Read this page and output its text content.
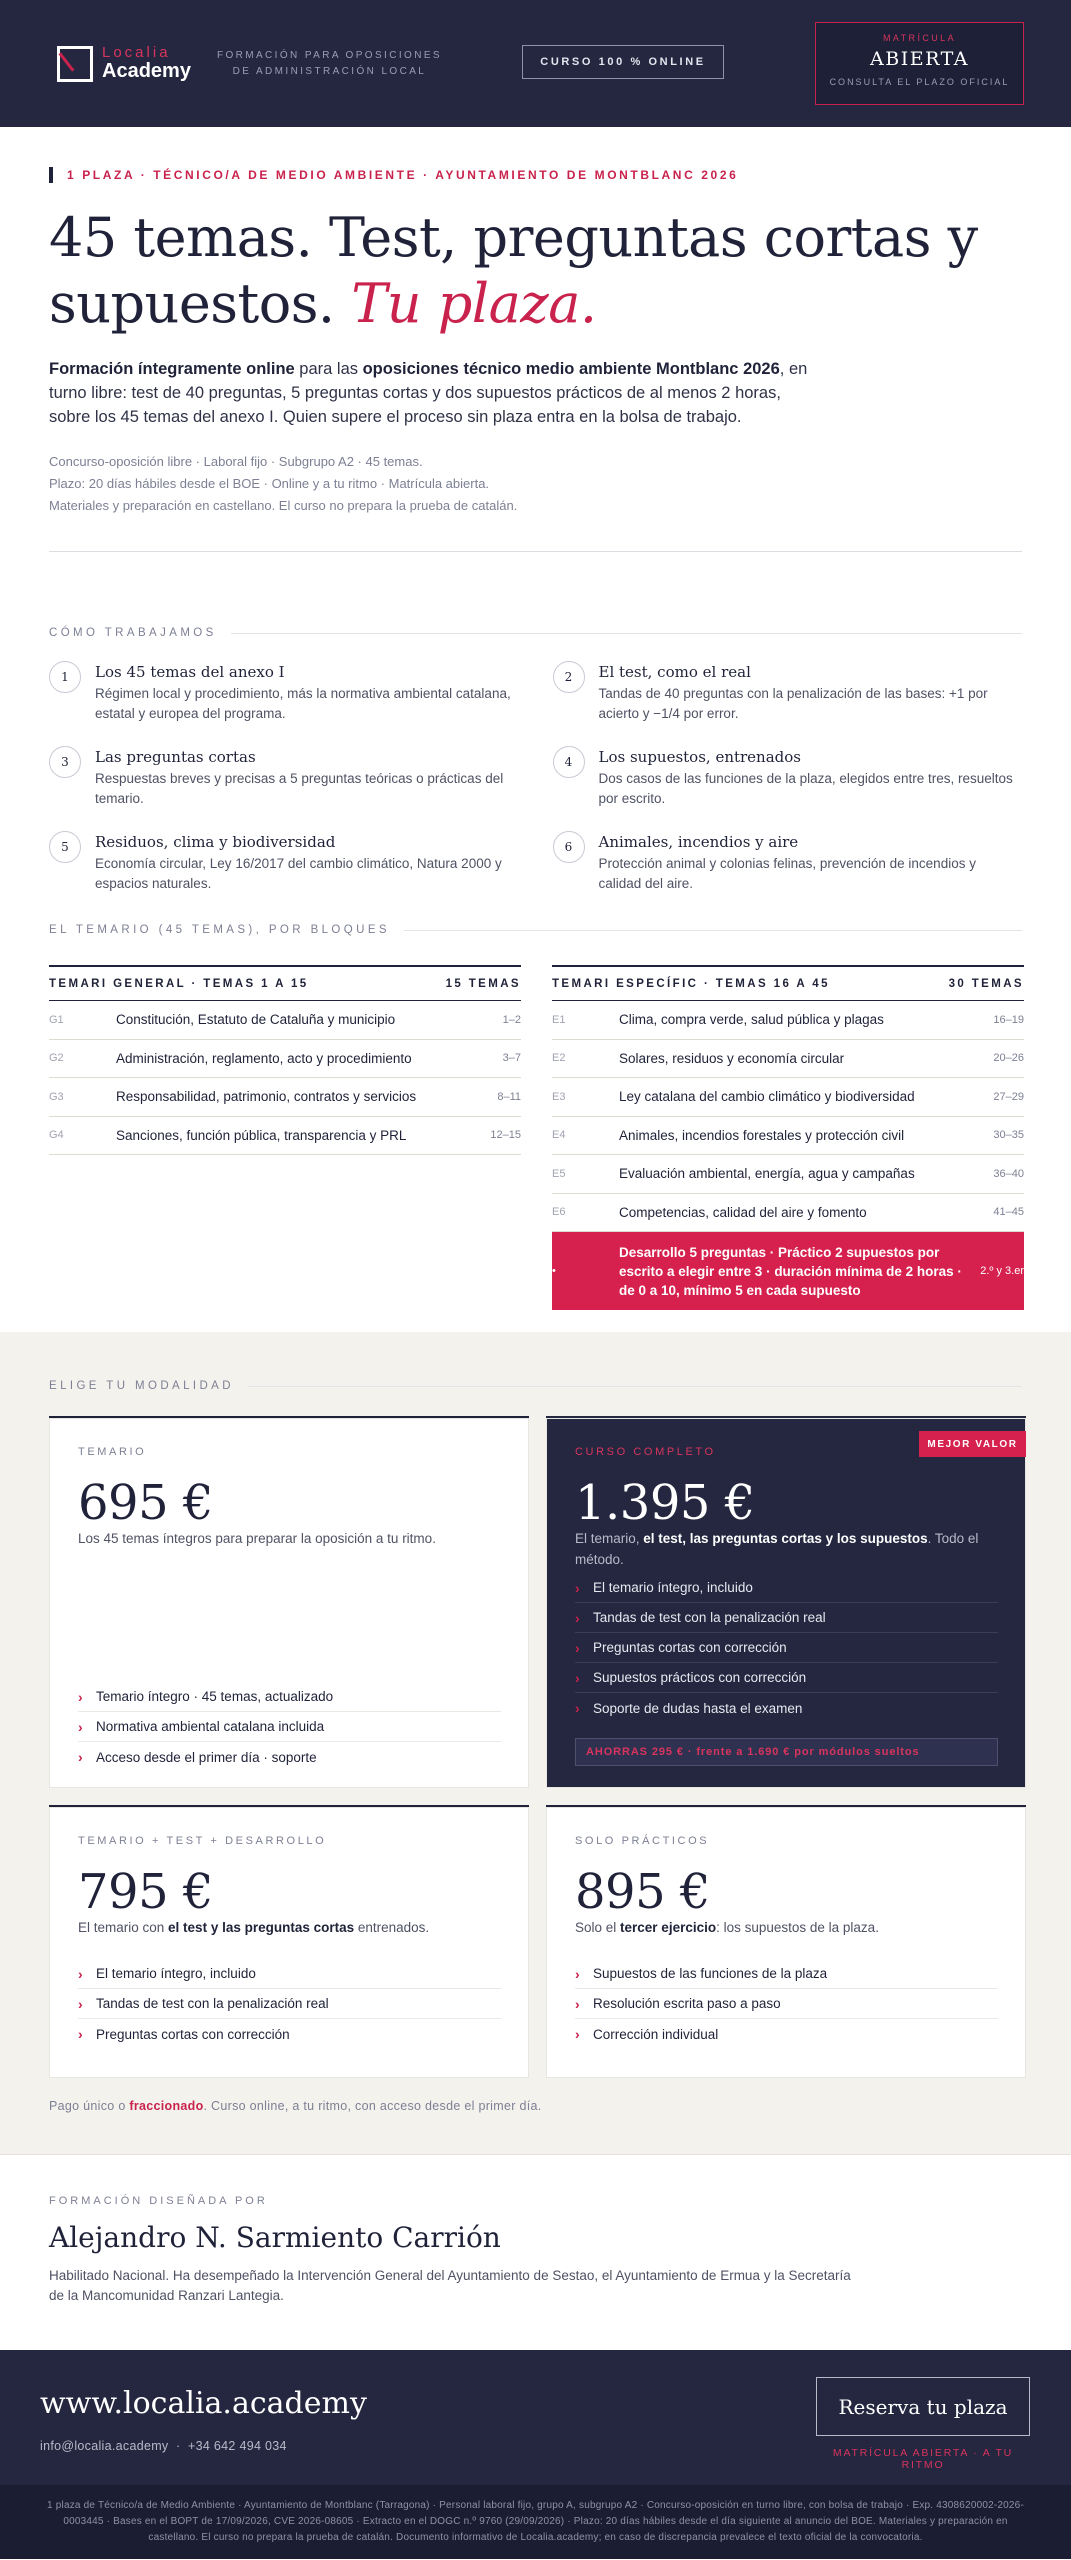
Localia
Academy
FORMACIÓN PARA OPOSICIONES
DE ADMINISTRACIÓN LOCAL
CURSO 100 % ONLINE
MATRÍCULA
ABIERTA
CONSULTA EL PLAZO OFICIAL
1 PLAZA · TÉCNICO/A DE MEDIO AMBIENTE · AYUNTAMIENTO DE MONTBLANC 2026
45 temas. Test, preguntas cortas y
supuestos. Tu plaza.

Formación íntegramente online para las oposiciones técnico medio ambiente Montblanc 2026, en turno libre: test de 40 preguntas, 5 preguntas cortas y dos supuestos prácticos de al menos 2 horas, sobre los 45 temas del anexo I. Quien supere el proceso sin plaza entra en la bolsa de trabajo.

Concurso-oposición libre · Laboral fijo · Subgrupo A2 · 45 temas.
Plazo: 20 días hábiles desde el BOE · Online y a tu ritmo · Matrícula abierta.
Materiales y preparación en castellano. El curso no prepara la prueba de catalán.
CÓMO TRABAJAMOS
1	Los 45 temas del anexo I

Régimen local y procedimiento, más la normativa ambiental catalana, estatal y europea del programa.

2	El test, como el real

Tandas de 40 preguntas con la penalización de las bases: +1 por acierto y −1/4 por error.

3	Las preguntas cortas

Respuestas breves y precisas a 5 preguntas teóricas o prácticas del temario.

4	Los supuestos, entrenados

Dos casos de las funciones de la plaza, elegidos entre tres, resueltos por escrito.

5	Residuos, clima y biodiversidad

Economía circular, Ley 16/2017 del cambio climático, Natura 2000 y espacios naturales.

6	Animales, incendios y aire

Protección animal y colonias felinas, prevención de incendios y calidad del aire.

EL TEMARIO (45 TEMAS), POR BLOQUES
TEMARI GENERAL · TEMAS 1 A 15	15 TEMAS
G1	Constitución, Estatuto de Cataluña y municipio	1–2
G2	Administración, reglamento, acto y procedimiento	3–7
G3	Responsabilidad, patrimonio, contratos y servicios	8–11
G4	Sanciones, función pública, transparencia y PRL	12–15
TEMARI ESPECÍFIC · TEMAS 16 A 45	30 TEMAS
E1	Clima, compra verde, salud pública y plagas	16–19
E2	Solares, residuos y economía circular	20–26
E3	Ley catalana del cambio climático y biodiversidad	27–29
E4	Animales, incendios forestales y protección civil	30–35
E5	Evaluación ambiental, energía, agua y campañas	36–40
E6	Competencias, calidad del aire y fomento	41–45
•
Desarrollo 5 preguntas · Práctico 2 supuestos por escrito a elegir entre 3 · duración mínima de 2 horas · de 0 a 10, mínimo 5 en cada supuesto
2.º y 3.er
ELIGE TU MODALIDAD
TEMARIO
695 €
Los 45 temas íntegros para preparar la oposición a tu ritmo.
› Temario íntegro · 45 temas, actualizado
› Normativa ambiental catalana incluida
› Acceso desde el primer día · soporte
MEJOR VALOR
CURSO COMPLETO
1.395 €
El temario, el test, las preguntas cortas y los supuestos. Todo el método.
› El temario íntegro, incluido
› Tandas de test con la penalización real
› Preguntas cortas con corrección
› Supuestos prácticos con corrección
› Soporte de dudas hasta el examen
AHORRAS 295 € · frente a 1.690 € por módulos sueltos
TEMARIO + TEST + DESARROLLO
795 €
El temario con el test y las preguntas cortas entrenados.
› El temario íntegro, incluido
› Tandas de test con la penalización real
› Preguntas cortas con corrección
SOLO PRÁCTICOS
895 €
Solo el tercer ejercicio: los supuestos de la plaza.
› Supuestos de las funciones de la plaza
› Resolución escrita paso a paso
› Corrección individual

Pago único o fraccionado. Curso online, a tu ritmo, con acceso desde el primer día.

FORMACIÓN DISEÑADA POR
Alejandro N. Sarmiento Carrión

Habilitado Nacional. Ha desempeñado la Intervención General del Ayuntamiento de Sestao, el Ayuntamiento de Ermua y la Secretaría de la Mancomunidad Ranzari Lantegia.

www.localia.academy
info@localia.academy  ·  +34 642 494 034
Reserva tu plaza
MATRÍCULA ABIERTA · A TU RITMO
1 plaza de Técnico/a de Medio Ambiente · Ayuntamiento de Montblanc (Tarragona) · Personal laboral fijo, grupo A, subgrupo A2 · Concurso-oposición en turno libre, con bolsa de trabajo · Exp. 4308620002-2026-0003445 · Bases en el BOPT de 17/09/2026, CVE 2026-08605 · Extracto en el DOGC n.º 9760 (29/09/2026) · Plazo: 20 días hábiles desde el día siguiente al anuncio del BOE. Materiales y preparación en castellano. El curso no prepara la prueba de catalán. Documento informativo de Localia.academy; en caso de discrepancia prevalece el texto oficial de la convocatoria.
